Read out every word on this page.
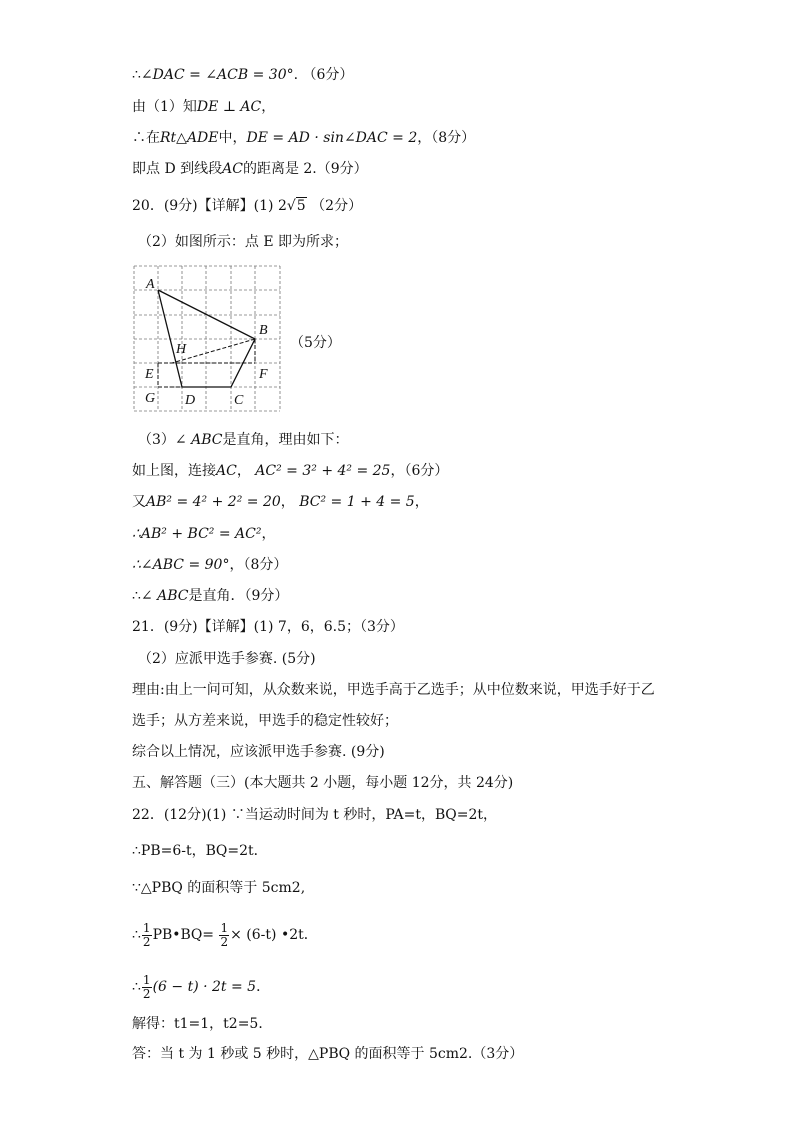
∴∠DAC = ∠ACB = 30°. （6分）
由（1）知DE ⊥ AC，
∴在Rt△ADE中，DE = AD · sin∠DAC = 2，（8分）
即点 D 到线段AC的距离是 2.（9分）
20．(9分)【详解】(1) 2√5 （2分）
（2）如图所示：点 E 即为所求；
A
B
H
E	F
G D	C
（5分）
（3）∠ ABC是直角，理由如下：
如上图，连接AC， AC² = 3² + 4² = 25，（6分）
又AB² = 4² + 2² = 20， BC² = 1 + 4 = 5，
∴AB² + BC² = AC²，
∴∠ABC = 90°，（8分）
∴∠ ABC是直角．（9分）
21．(9分)【详解】(1) 7，6，6.5；（3分）
（2）应派甲选手参赛. (5分)
理由:由上一问可知，从众数来说，甲选手高于乙选手；从中位数来说，甲选手好于乙
选手；从方差来说，甲选手的稳定性较好；
综合以上情况，应该派甲选手参赛. (9分)
五、解答题（三）(本大题共 2 小题，每小题 12分，共 24分)
22．(12分)(1) ∵当运动时间为 t 秒时，PA=t，BQ=2t，
∴PB=6-t，BQ=2t．
∵△PBQ 的面积等于 5cm2,
∴ $\frac{1}{2}$ PB•BQ= $\frac{1}{2} \times (6-t)$ •2t．
∴ $\frac{1}{2} (6 - t) \cdot 2t = 5$．
解得：t1=1，t2=5．
答：当 t 为 1 秒或 5 秒时，△PBQ 的面积等于 5cm2.（3分）
